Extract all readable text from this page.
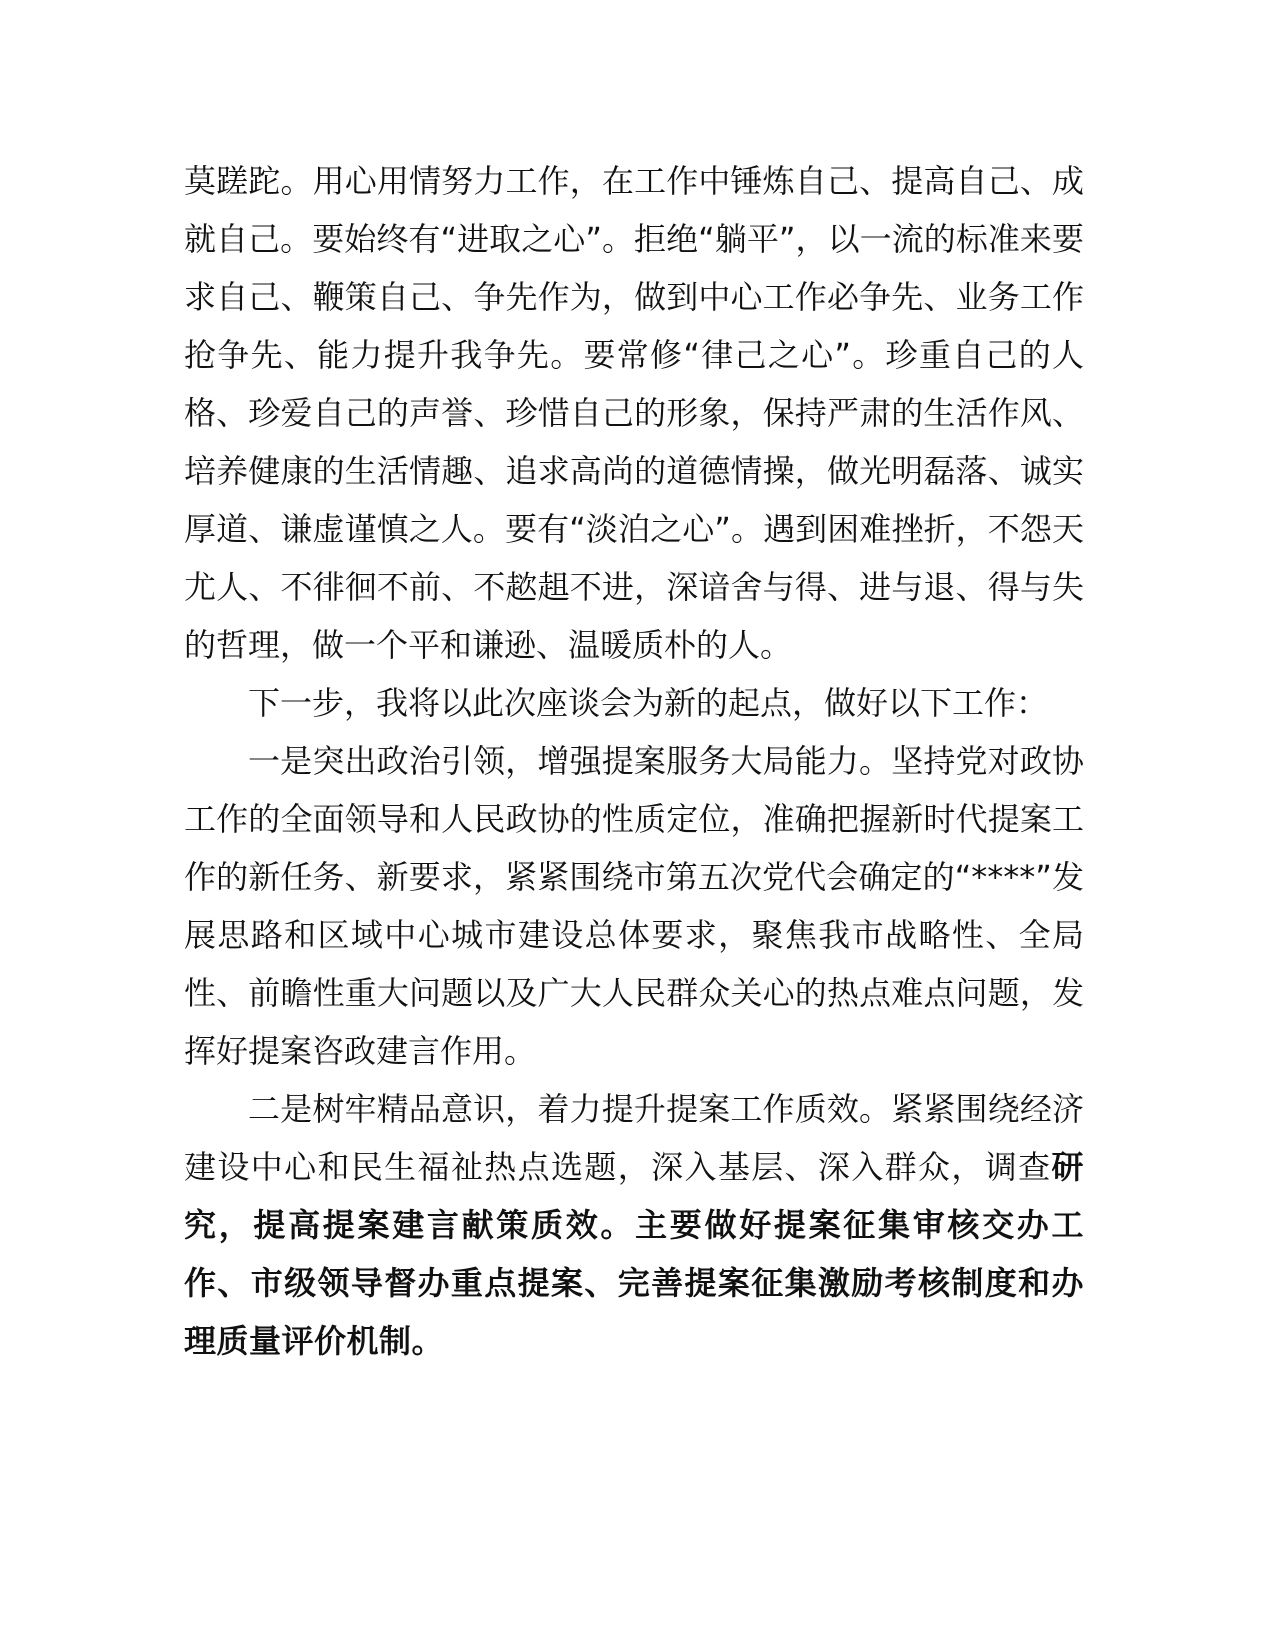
莫蹉跎。用心用情努力工作，在工作中锤炼自己、提高自己、成就自己。要始终有“进取之心”。拒绝“躺平”，以一流的标准来要求自己、鞭策自己、争先作为，做到中心工作必争先、业务工作抢争先、能力提升我争先。要常修“律己之心”。珍重自己的人格、珍爱自己的声誉、珍惜自己的形象，保持严肃的生活作风、培养健康的生活情趣、追求高尚的道德情操，做光明磊落、诚实厚道、谦虚谨慎之人。要有“淡泊之心”。遇到困难挫折，不怨天尤人、不徘徊不前、不趑趄不进，深谙舍与得、进与退、得与失的哲理，做一个平和谦逊、温暖质朴的人。

下一步，我将以此次座谈会为新的起点，做好以下工作：

一是突出政治引领，增强提案服务大局能力。坚持党对政协工作的全面领导和人民政协的性质定位，准确把握新时代提案工作的新任务、新要求，紧紧围绕市第五次党代会确定的“****”发展思路和区域中心城市建设总体要求，聚焦我市战略性、全局性、前瞻性重大问题以及广大人民群众关心的热点难点问题，发挥好提案咨政建言作用。

二是树牢精品意识，着力提升提案工作质效。紧紧围绕经济建设中心和民生福祉热点选题，深入基层、深入群众，调查研究，提高提案建言献策质效。主要做好提案征集审核交办工作、市级领导督办重点提案、完善提案征集激励考核制度和办理质量评价机制。
